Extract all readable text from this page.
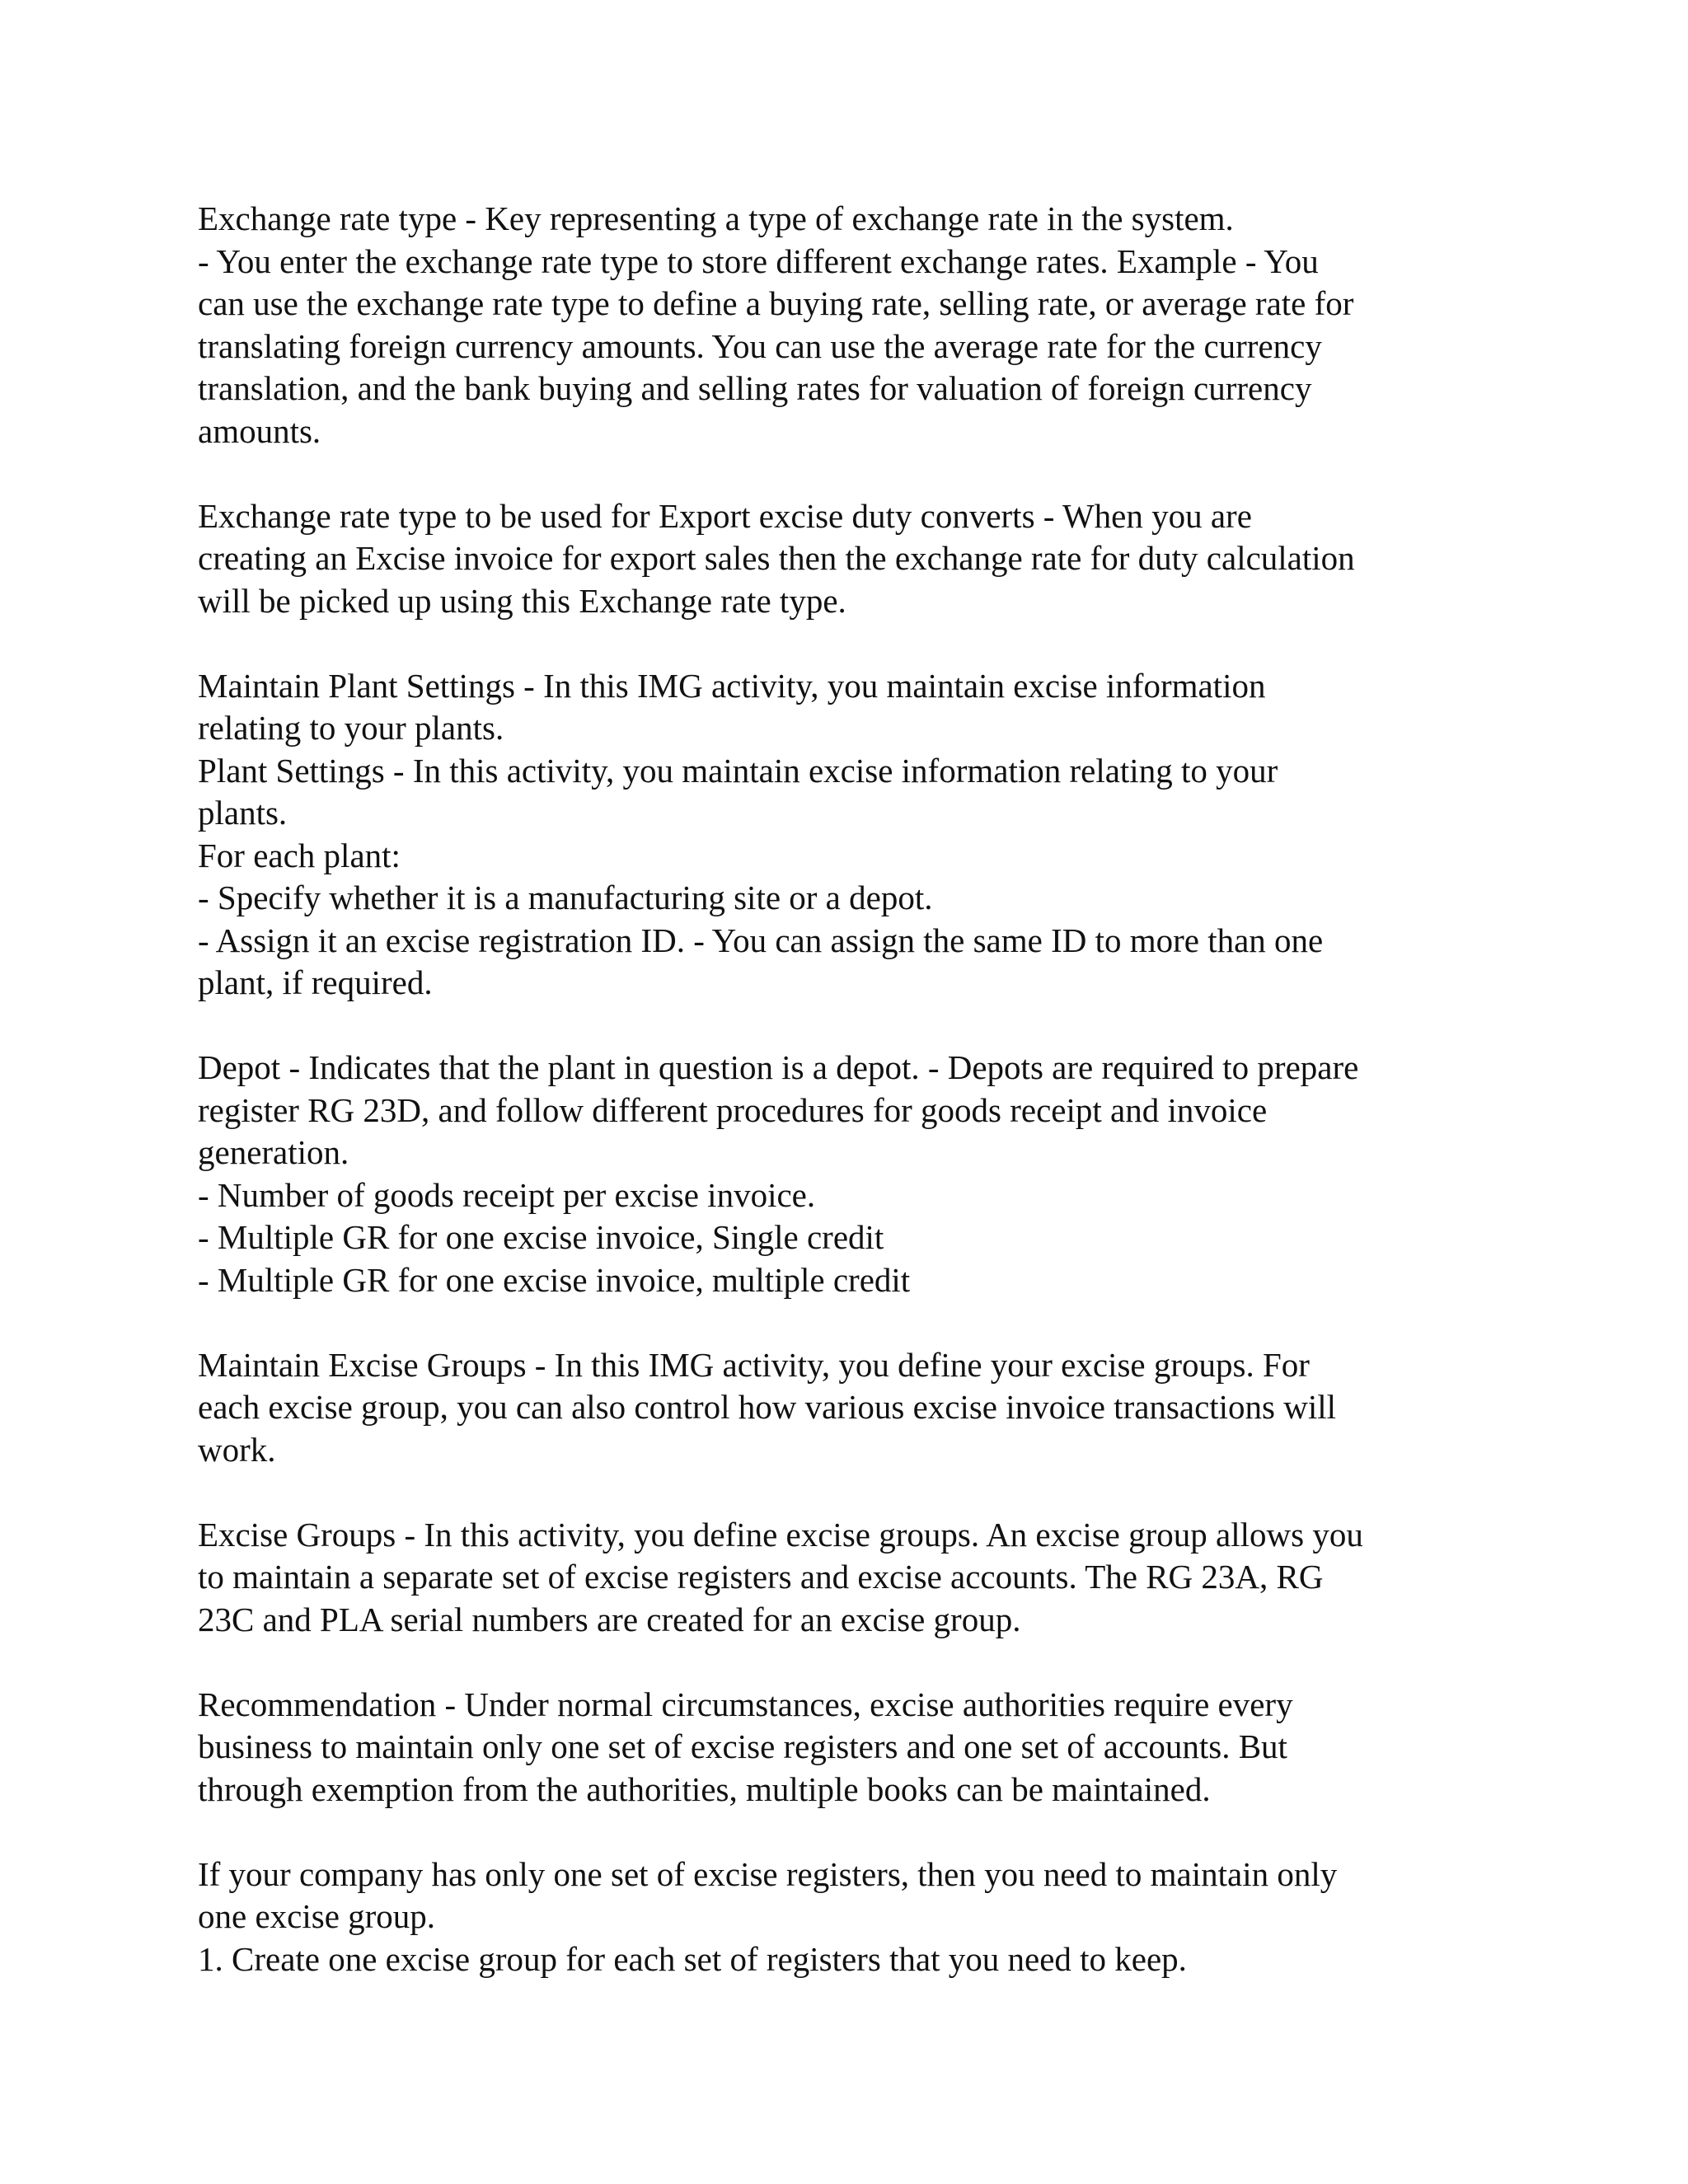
Exchange rate type - Key representing a type of exchange rate in the system.
- You enter the exchange rate type to store different exchange rates. Example - You
can use the exchange rate type to define a buying rate, selling rate, or average rate for
translating foreign currency amounts. You can use the average rate for the currency
translation, and the bank buying and selling rates for valuation of foreign currency
amounts.
Exchange rate type to be used for Export excise duty converts - When you are
creating an Excise invoice for export sales then the exchange rate for duty calculation
will be picked up using this Exchange rate type.
Maintain Plant Settings - In this IMG activity, you maintain excise information
relating to your plants.
Plant Settings - In this activity, you maintain excise information relating to your
plants.
For each plant:
- Specify whether it is a manufacturing site or a depot.
- Assign it an excise registration ID. - You can assign the same ID to more than one
plant, if required.
Depot - Indicates that the plant in question is a depot. - Depots are required to prepare
register RG 23D, and follow different procedures for goods receipt and invoice
generation.
- Number of goods receipt per excise invoice.
- Multiple GR for one excise invoice, Single credit
- Multiple GR for one excise invoice, multiple credit
Maintain Excise Groups - In this IMG activity, you define your excise groups. For
each excise group, you can also control how various excise invoice transactions will
work.
Excise Groups - In this activity, you define excise groups. An excise group allows you
to maintain a separate set of excise registers and excise accounts. The RG 23A, RG
23C and PLA serial numbers are created for an excise group.
Recommendation - Under normal circumstances, excise authorities require every
business to maintain only one set of excise registers and one set of accounts. But
through exemption from the authorities, multiple books can be maintained.
If your company has only one set of excise registers, then you need to maintain only
one excise group.
1. Create one excise group for each set of registers that you need to keep.
